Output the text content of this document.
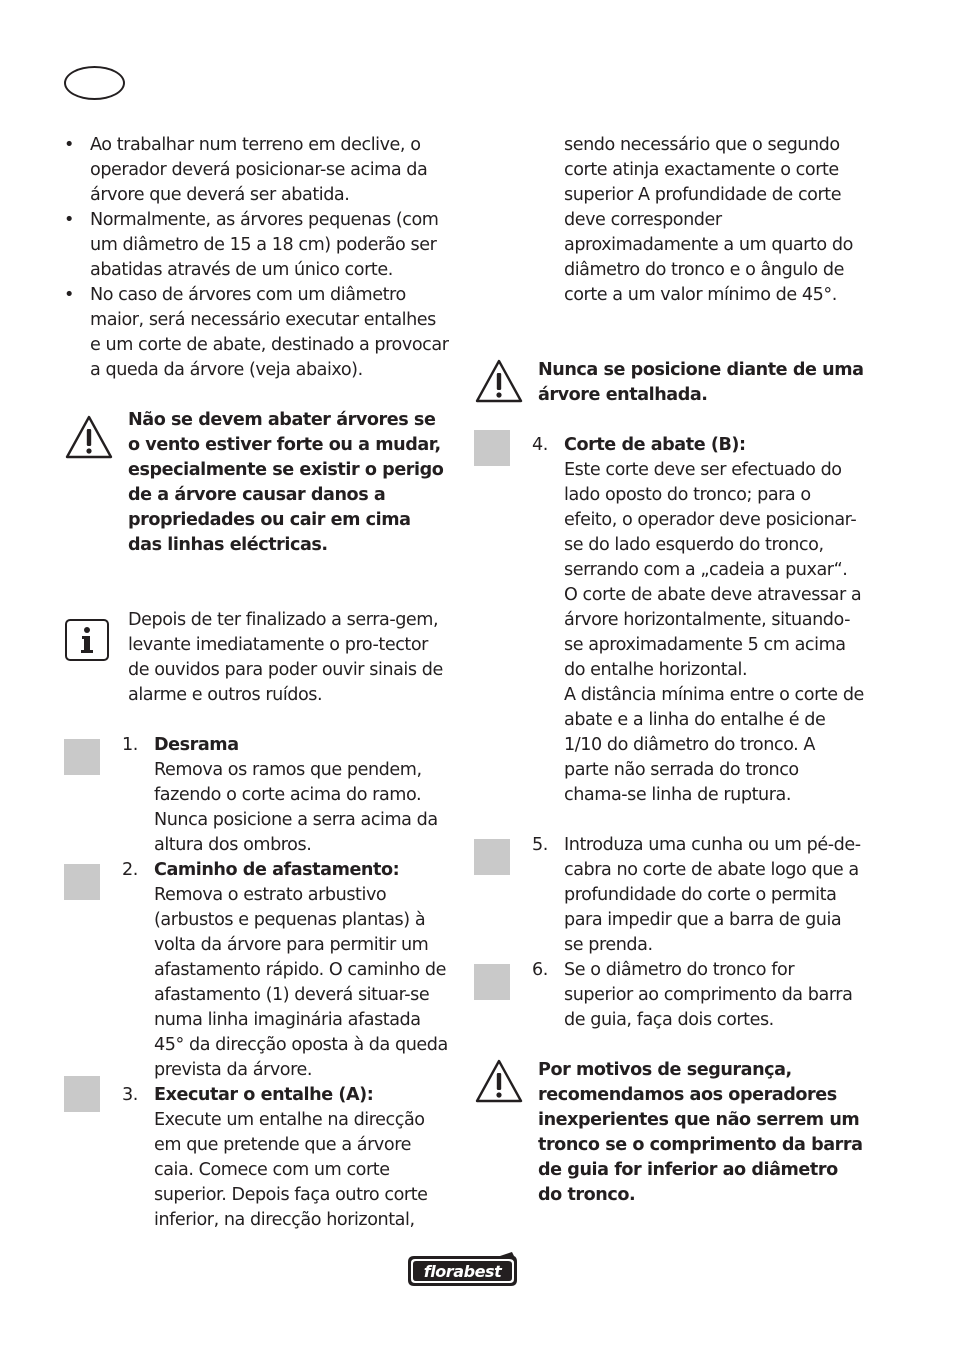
• Ao trabalhar num terreno em declive, o operador deverá posicionar-se acima da árvore que deverá ser abatida.
• Normalmente, as árvores pequenas (com um diâmetro de 15 a 18 cm) poderão ser abatidas através de um único corte.
• No caso de árvores com um diâmetro maior, será necessário executar entalhes e um corte de abate, destinado a provocar a queda da árvore (veja abaixo).
Não se devem abater árvores se o vento estiver forte ou a mudar, especialmente se existir o perigo de a árvore causar danos a propriedades ou cair em cima das linhas eléctricas.
Depois de ter finalizado a serra-gem, levante imediatamente o pro-tector de ouvidos para poder ouvir sinais de alarme e outros ruídos.
1. Desrama
Remova os ramos que pendem, fazendo o corte acima do ramo. Nunca posicione a serra acima da altura dos ombros.
2. Caminho de afastamento:
Remova o estrato arbustivo (arbustos e pequenas plantas) à volta da árvore para permitir um afastamento rápido. O caminho de afastamento (1) deverá situar-se numa linha imaginária afastada 45° da direcção oposta à da queda prevista da árvore.
3. Executar o entalhe (A):
Execute um entalhe na direcção em que pretende que a árvore caia. Comece com um corte superior. Depois faça outro corte inferior, na direcção horizontal,
sendo necessário que o segundo corte atinja exactamente o corte superior A profundidade de corte deve corresponder aproximadamente a um quarto do diâmetro do tronco e o ângulo de corte a um valor mínimo de 45°.
Nunca se posicione diante de uma árvore entalhada.
4. Corte de abate (B):
Este corte deve ser efectuado do lado oposto do tronco; para o efeito, o operador deve posicionar-se do lado esquerdo do tronco, serrando com a „cadeia a puxar“. O corte de abate deve atravessar a árvore horizontalmente, situando-se aproximadamente 5 cm acima do entalhe horizontal.
A distância mínima entre o corte de abate e a linha do entalhe é de 1/10 do diâmetro do tronco. A parte não serrada do tronco chama-se linha de ruptura.
5. Introduza uma cunha ou um pé-de-cabra no corte de abate logo que a profundidade do corte o permita para impedir que a barra de guia se prenda.
6. Se o diâmetro do tronco for superior ao comprimento da barra de guia, faça dois cortes.
Por motivos de segurança, recomendamos aos operadores inexperientes que não serrem um tronco se o comprimento da barra de guia for inferior ao diâmetro do tronco.
florabest
